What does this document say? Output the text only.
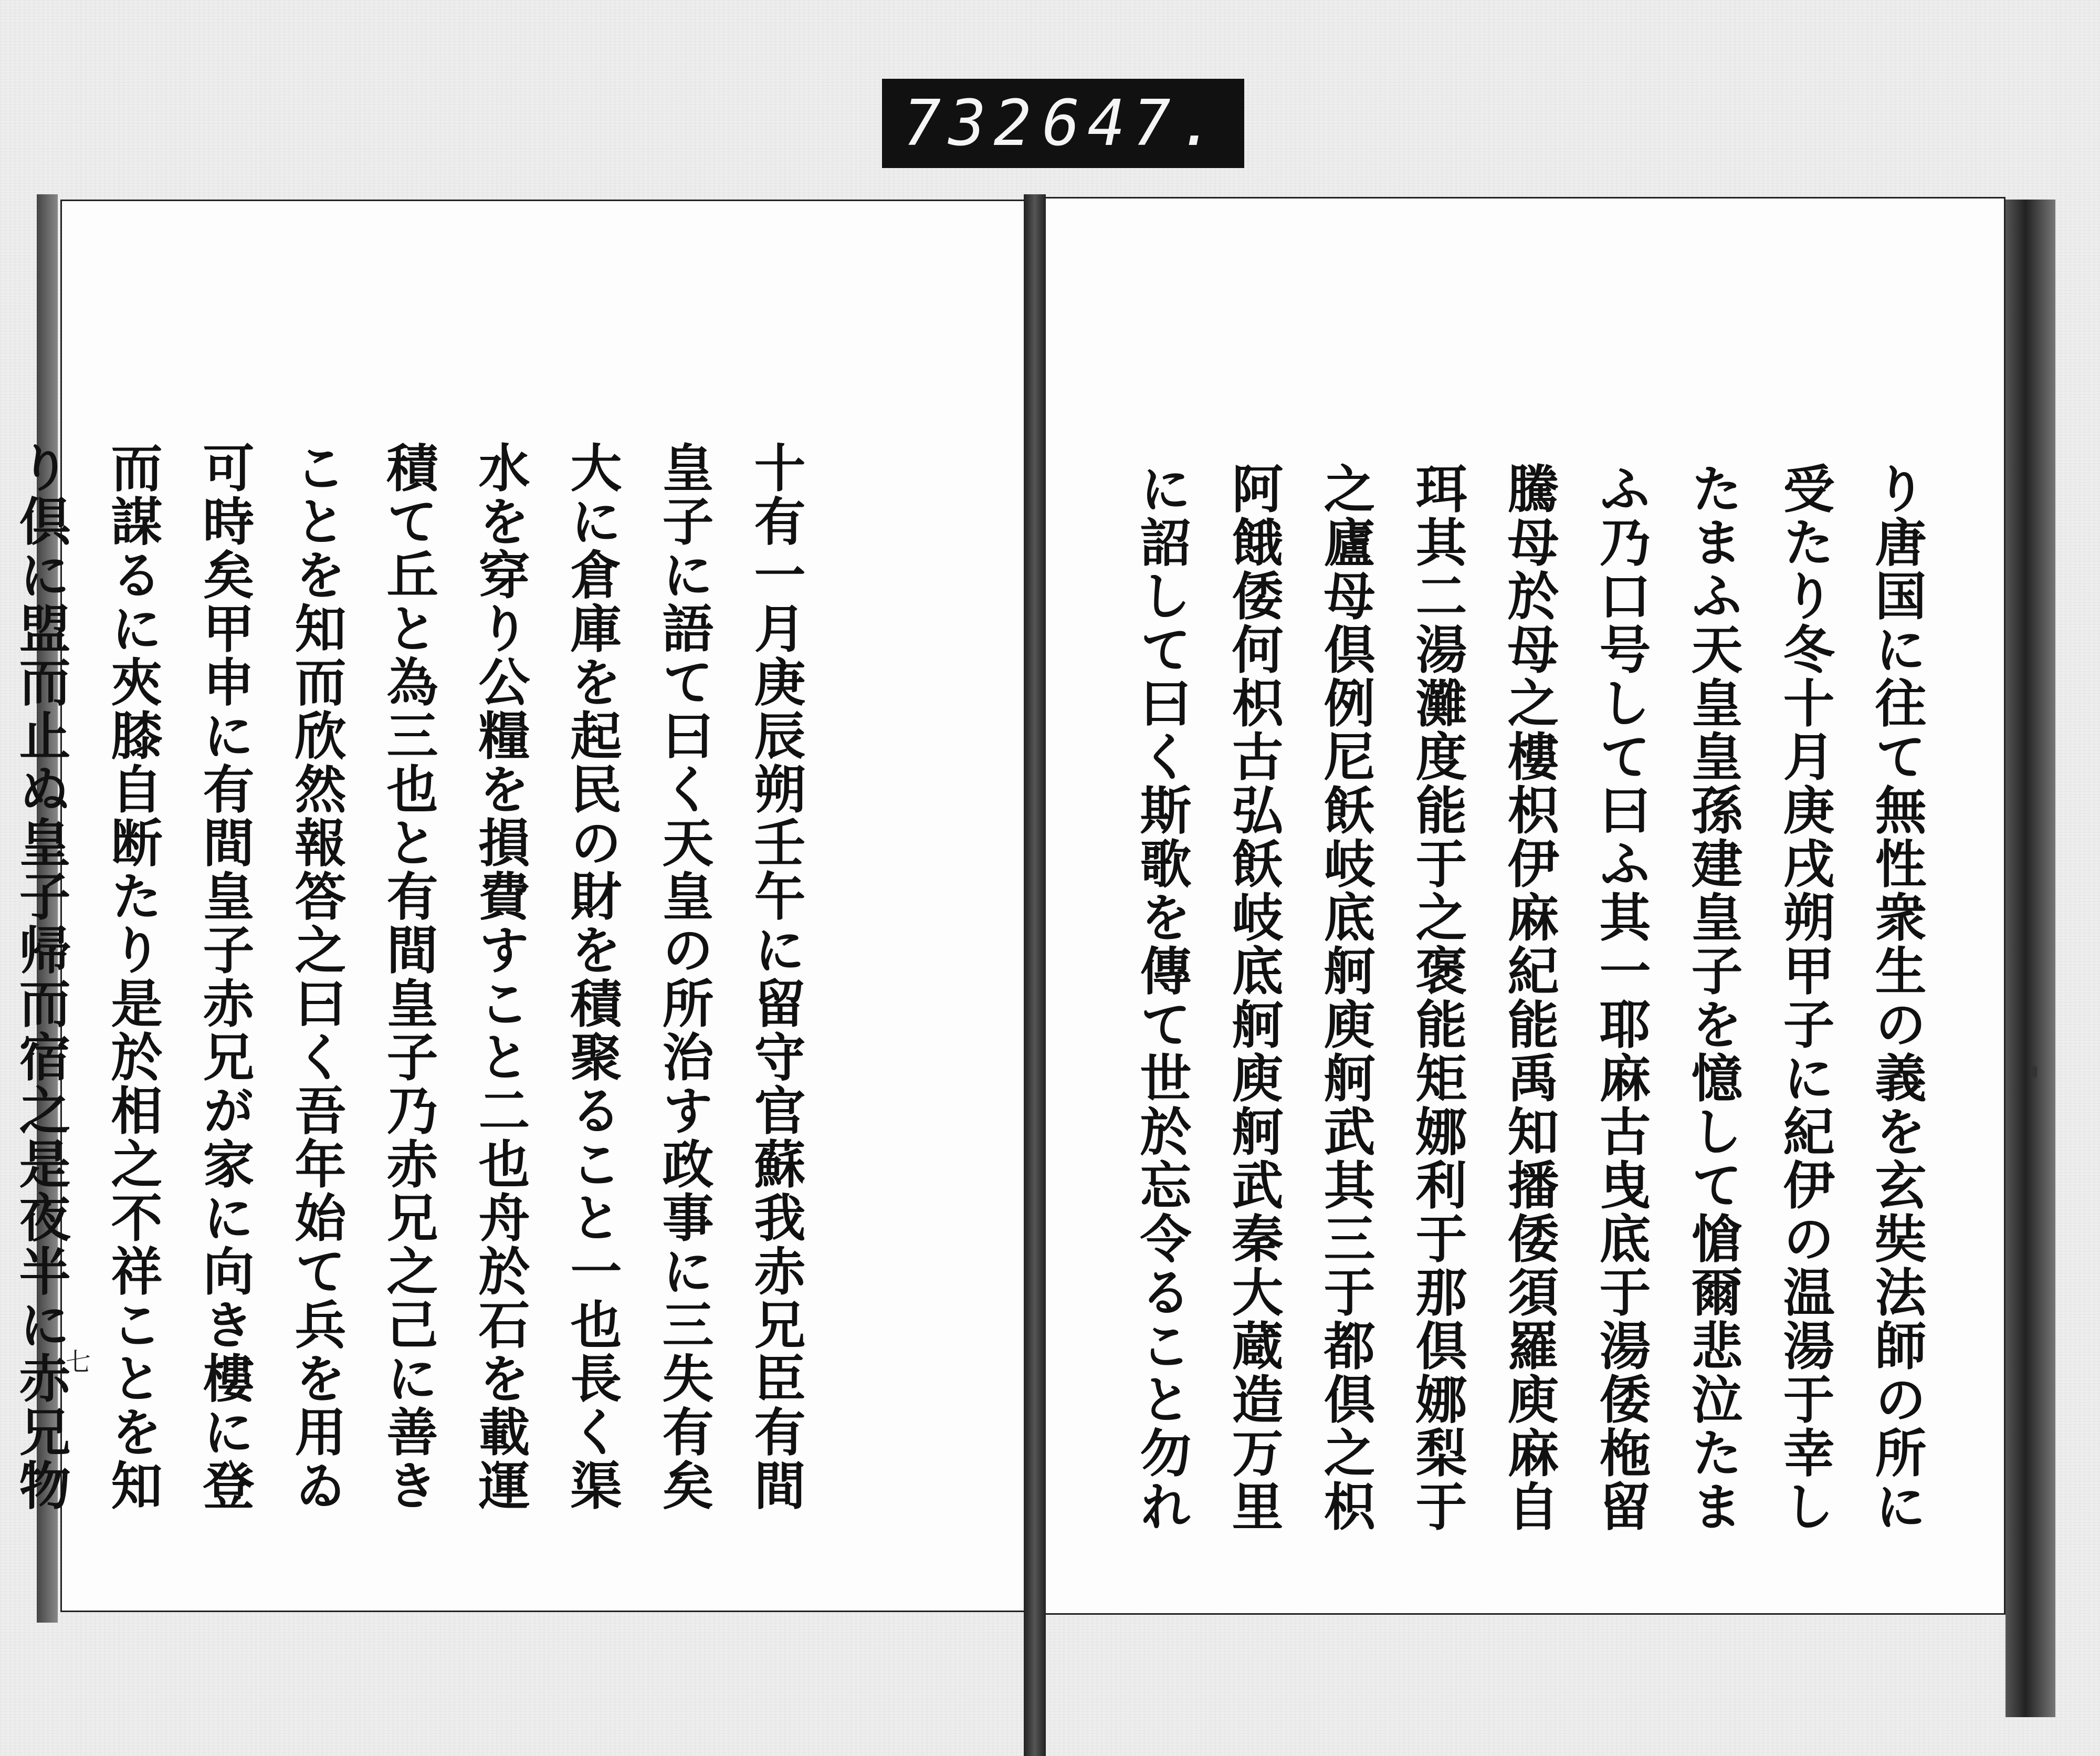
732 647.
り唐国に往て無性衆生の義を玄奘法師の所に
受たり冬十月庚戌朔甲子に紀伊の温湯于幸し
たまふ天皇皇孫建皇子を憶して愴爾悲泣たま
ふ乃口号して曰ふ其一耶麻古曳底于湯倭柂留
騰母於母之樓枳伊麻紀能禹知播倭須羅庾麻自
珥其二湯灘度能于之褒能矩娜利于那倶娜梨于
之廬母倶例尼飫岐底舸庾舸武其三于都倶之枳
阿餓倭何枳古弘飫岐底舸庾舸武秦大蔵造万里
に詔して曰く斯歌を傳て世於忘令ること勿れ
十有一月庚辰朔壬午に留守官蘇我赤兄臣有間
皇子に語て曰く天皇の所治す政事に三失有矣
大に倉庫を起民の財を積聚ること一也長く渠
水を穿り公糧を損費すこと二也舟於石を載運
積て丘と為三也と有間皇子乃赤兄之己に善き
ことを知而欣然報答之曰く吾年始て兵を用ゐ
可時矣甲申に有間皇子赤兄が家に向き樓に登
而謀るに夾膝自断たり是於相之不祥ことを知
り倶に盟而止ぬ皇子帰而宿之是夜半に赤兄物
七
